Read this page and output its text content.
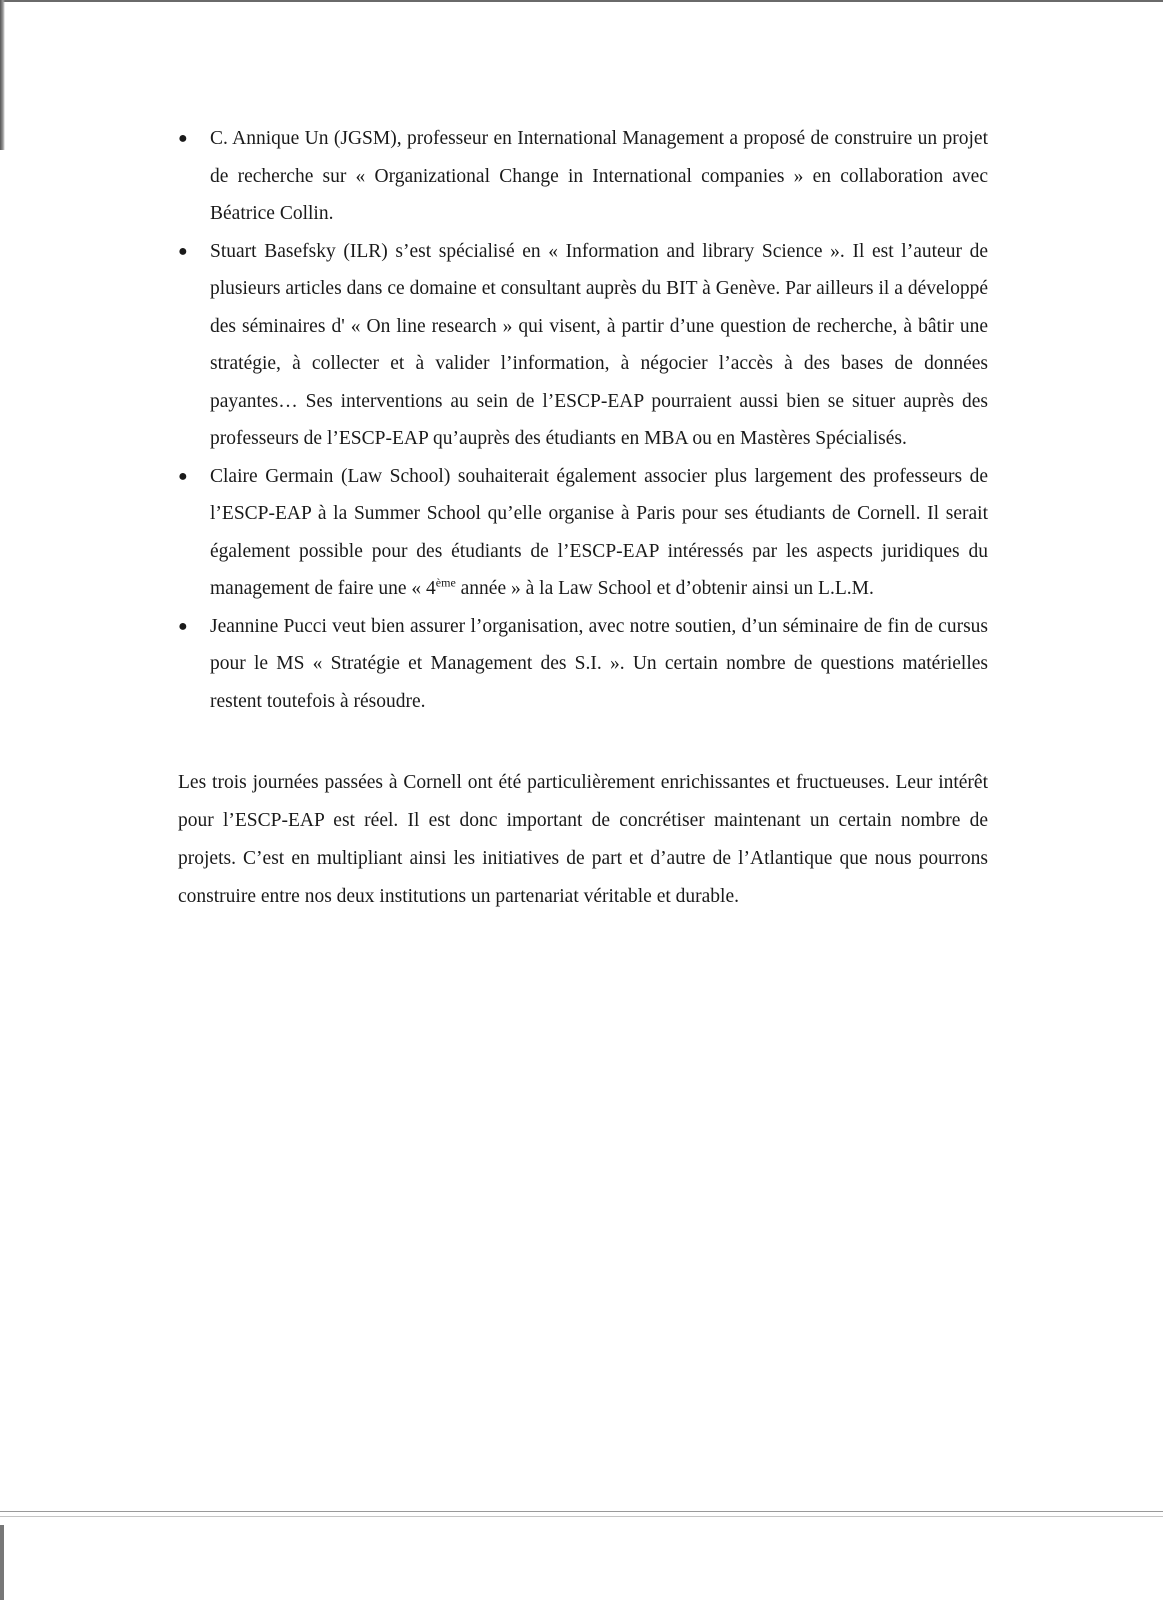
● C. Annique Un (JGSM), professeur en International Management a proposé de construire un projet de recherche sur « Organizational Change in International companies » en collaboration avec Béatrice Collin.
● Stuart Basefsky (ILR) s’est spécialisé en « Information and library Science ». Il est l’auteur de plusieurs articles dans ce domaine et consultant auprès du BIT à Genève. Par ailleurs il a développé des séminaires d' « On line research » qui visent, à partir d’une question de recherche, à bâtir une stratégie, à collecter et à valider l’information, à négocier l’accès à des bases de données payantes… Ses interventions au sein de l’ESCP-EAP pourraient aussi bien se situer auprès des professeurs de l’ESCP-EAP qu’auprès des étudiants en MBA ou en Mastères Spécialisés.
● Claire Germain (Law School) souhaiterait également associer plus largement des professeurs de l’ESCP-EAP à la Summer School qu’elle organise à Paris pour ses étudiants de Cornell. Il serait également possible pour des étudiants de l’ESCP-EAP intéressés par les aspects juridiques du management de faire une « 4ème année » à la Law School et d’obtenir ainsi un L.L.M.
● Jeannine Pucci veut bien assurer l’organisation, avec notre soutien, d’un séminaire de fin de cursus pour le MS « Stratégie et Management des S.I. ». Un certain nombre de questions matérielles restent toutefois à résoudre.

Les trois journées passées à Cornell ont été particulièrement enrichissantes et fructueuses. Leur intérêt pour l’ESCP-EAP est réel. Il est donc important de concrétiser maintenant un certain nombre de projets. C’est en multipliant ainsi les initiatives de part et d’autre de l’Atlantique que nous pourrons construire entre nos deux institutions un partenariat véritable et durable.
